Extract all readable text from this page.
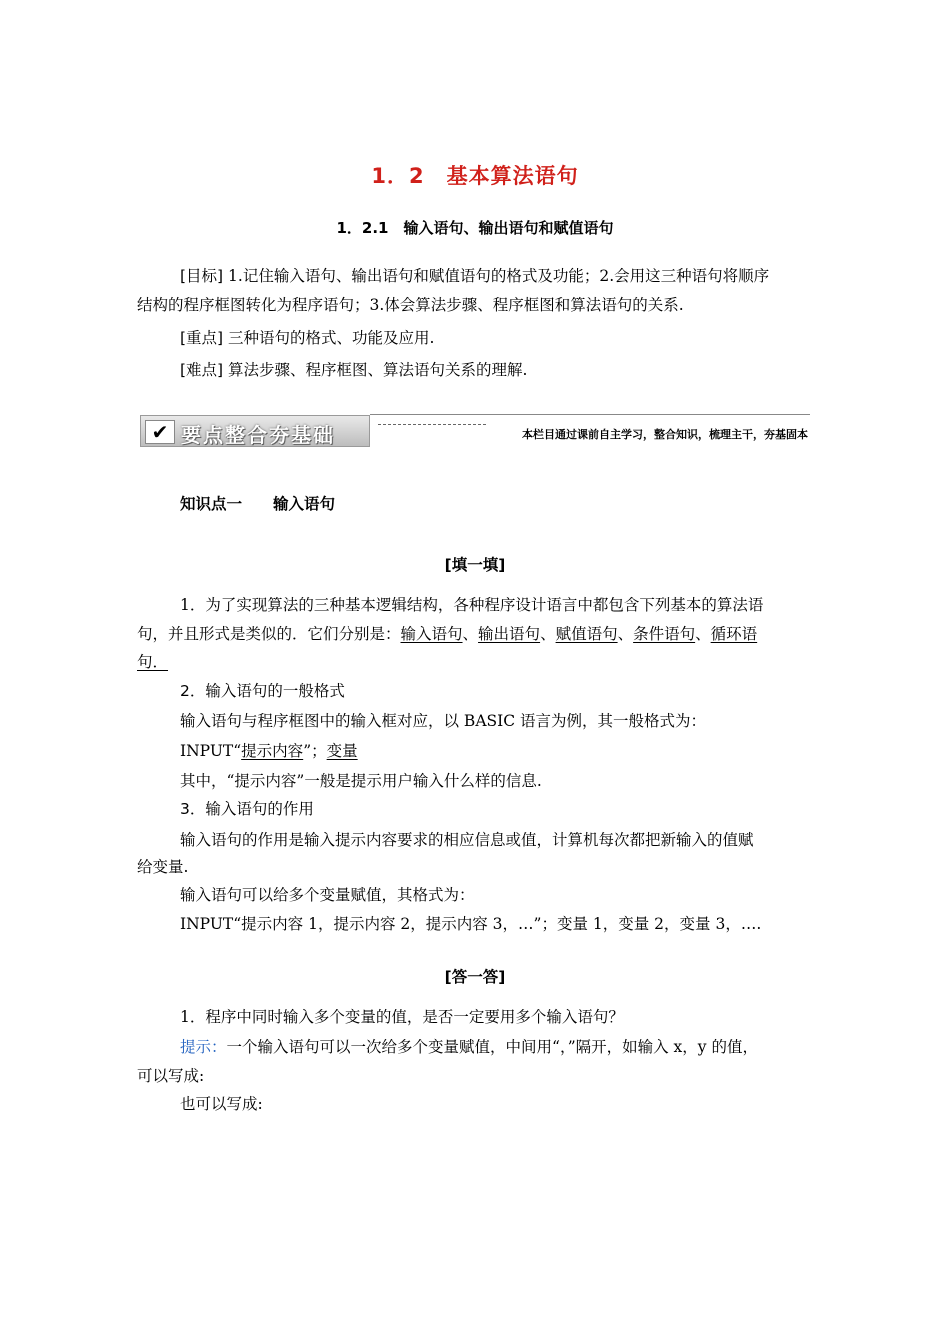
1．2　基本算法语句
1．2.1　输入语句、输出语句和赋值语句
[目标] 1.记住输入语句、输出语句和赋值语句的格式及功能；2.会用这三种语句将顺序
结构的程序框图转化为程序语句；3.体会算法步骤、程序框图和算法语句的关系.
[重点] 三种语句的格式、功能及应用.
[难点] 算法步骤、程序框图、算法语句关系的理解.
✔ 要点整合夯基础	本栏目通过课前自主学习，整合知识，梳理主干，夯基固本
知识点一　　输入语句
[填一填]
1．为了实现算法的三种基本逻辑结构，各种程序设计语言中都包含下列基本的算法语
句，并且形式是类似的．它们分别是：输入语句、输出语句、赋值语句、条件语句、循环语
句．
2．输入语句的一般格式
输入语句与程序框图中的输入框对应，以 BASIC 语言为例，其一般格式为：
INPUT“提示内容”；变量
其中，“提示内容”一般是提示用户输入什么样的信息.
3．输入语句的作用
输入语句的作用是输入提示内容要求的相应信息或值，计算机每次都把新输入的值赋
给变量.
输入语句可以给多个变量赋值，其格式为：
INPUT“提示内容 1，提示内容 2，提示内容 3，…”；变量 1，变量 2，变量 3，….
[答一答]
1．程序中同时输入多个变量的值，是否一定要用多个输入语句？
提示：一个输入语句可以一次给多个变量赋值，中间用“，”隔开，如输入 x，y 的值，
可以写成:
也可以写成:
